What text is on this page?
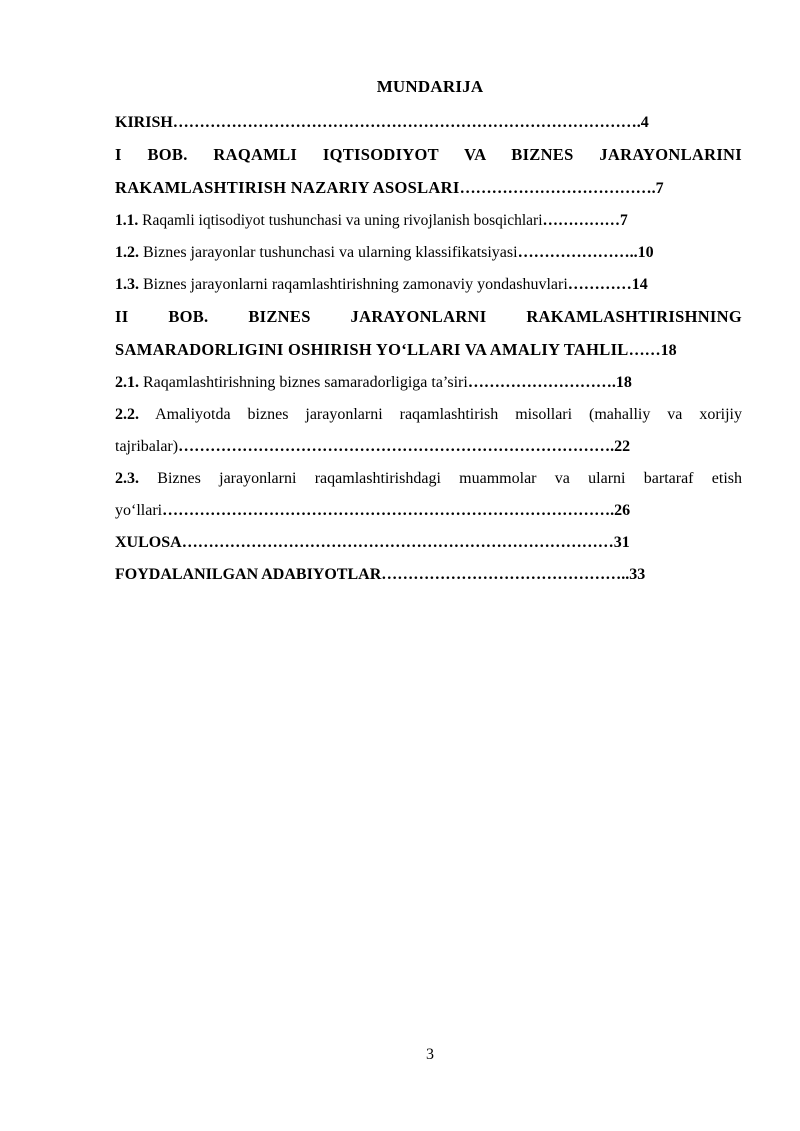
MUNDARIJA
KIRISH…………………………………………………………………………….4
I BOB. RAQAMLI IQTISODIYOT VA BIZNES JARAYONLARINI RAKAMLASHTIRISH NAZARIY ASOSLARI……………………………….7
1.1. Raqamli iqtisodiyot tushunchasi va uning rivojlanish bosqichlari……………7
1.2. Biznes jarayonlar tushunchasi va ularning klassifikatsiyasi…………………..10
1.3. Biznes jarayonlarni raqamlashtirishning zamonaviy yondashuvlari…………14
II BOB. BIZNES JARAYONLARNI RAKAMLASHTIRISHNING SAMARADORLIGINI OSHIRISH YO‘LLARI VA AMALIY TAHLIL……18
2.1. Raqamlashtirishning biznes samaradorligiga ta’siri……………………….18
2.2. Amaliyotda biznes jarayonlarni raqamlashtirish misollari (mahalliy va xorijiy tajribalar)……………………………………………………………………….22
2.3. Biznes jarayonlarni raqamlashtirishdagi muammolar va ularni bartaraf etish yo‘llari………………………………………………………………………….26
XULOSA………………………………………………………………………31
FOYDALANILGAN ADABIYOTLAR………………………………………..33
3
